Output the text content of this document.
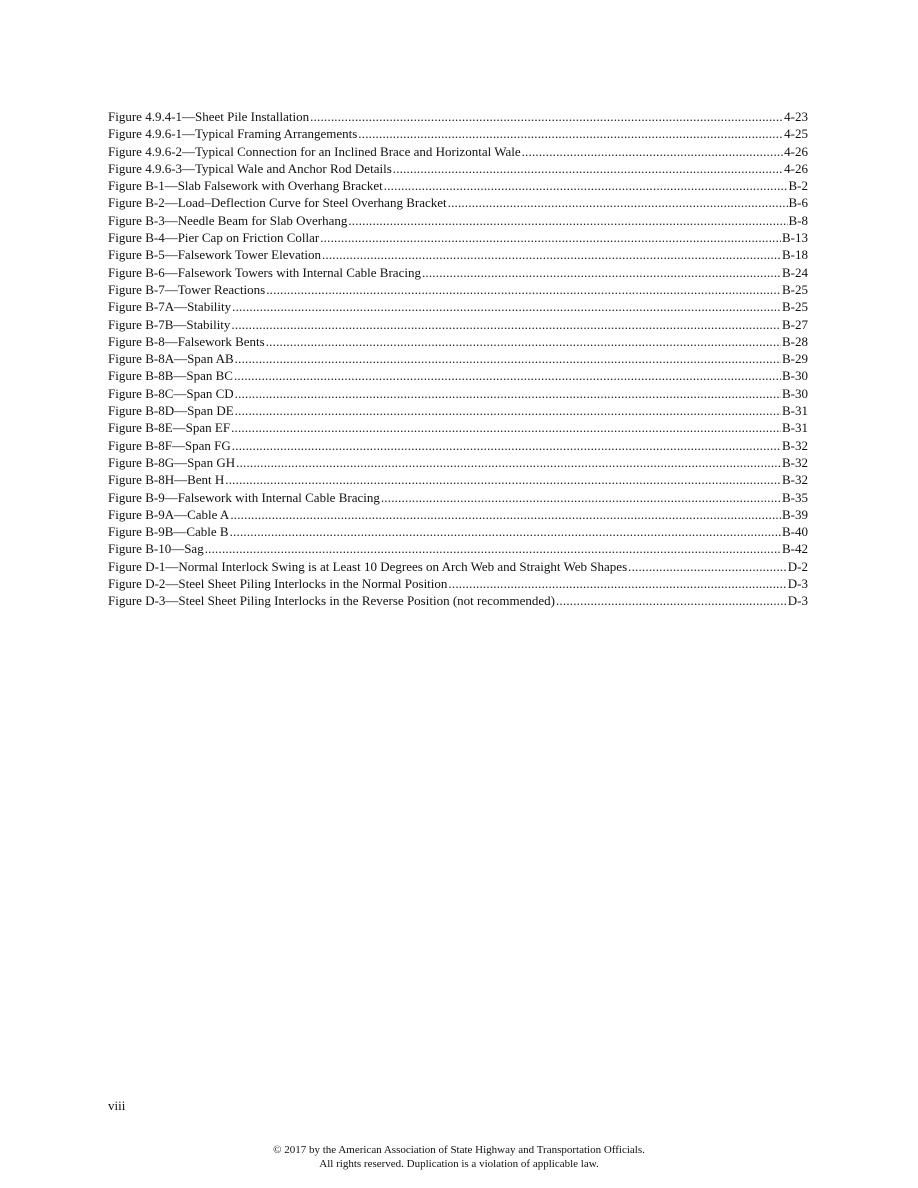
Figure 4.9.4-1—Sheet Pile Installation .....	4-23
Figure 4.9.6-1—Typical Framing Arrangements .....	4-25
Figure 4.9.6-2—Typical Connection for an Inclined Brace and Horizontal Wale .....	4-26
Figure 4.9.6-3—Typical Wale and Anchor Rod Details .....	4-26
Figure B-1—Slab Falsework with Overhang Bracket .....	B-2
Figure B-2—Load–Deflection Curve for Steel Overhang Bracket .....	B-6
Figure B-3—Needle Beam for Slab Overhang .....	B-8
Figure B-4—Pier Cap on Friction Collar .....	B-13
Figure B-5—Falsework Tower Elevation .....	B-18
Figure B-6—Falsework Towers with Internal Cable Bracing .....	B-24
Figure B-7—Tower Reactions .....	B-25
Figure B-7A—Stability .....	B-25
Figure B-7B—Stability .....	B-27
Figure B-8—Falsework Bents .....	B-28
Figure B-8A—Span AB .....	B-29
Figure B-8B—Span BC .....	B-30
Figure B-8C—Span CD .....	B-30
Figure B-8D—Span DE .....	B-31
Figure B-8E—Span EF .....	B-31
Figure B-8F—Span FG .....	B-32
Figure B-8G—Span GH .....	B-32
Figure B-8H—Bent H .....	B-32
Figure B-9—Falsework with Internal Cable Bracing .....	B-35
Figure B-9A—Cable A .....	B-39
Figure B-9B—Cable B .....	B-40
Figure B-10—Sag .....	B-42
Figure D-1—Normal Interlock Swing is at Least 10 Degrees on Arch Web and Straight Web Shapes .....	D-2
Figure D-2—Steel Sheet Piling Interlocks in the Normal Position .....	D-3
Figure D-3—Steel Sheet Piling Interlocks in the Reverse Position (not recommended) .....	D-3
viii
© 2017 by the American Association of State Highway and Transportation Officials.
All rights reserved. Duplication is a violation of applicable law.
